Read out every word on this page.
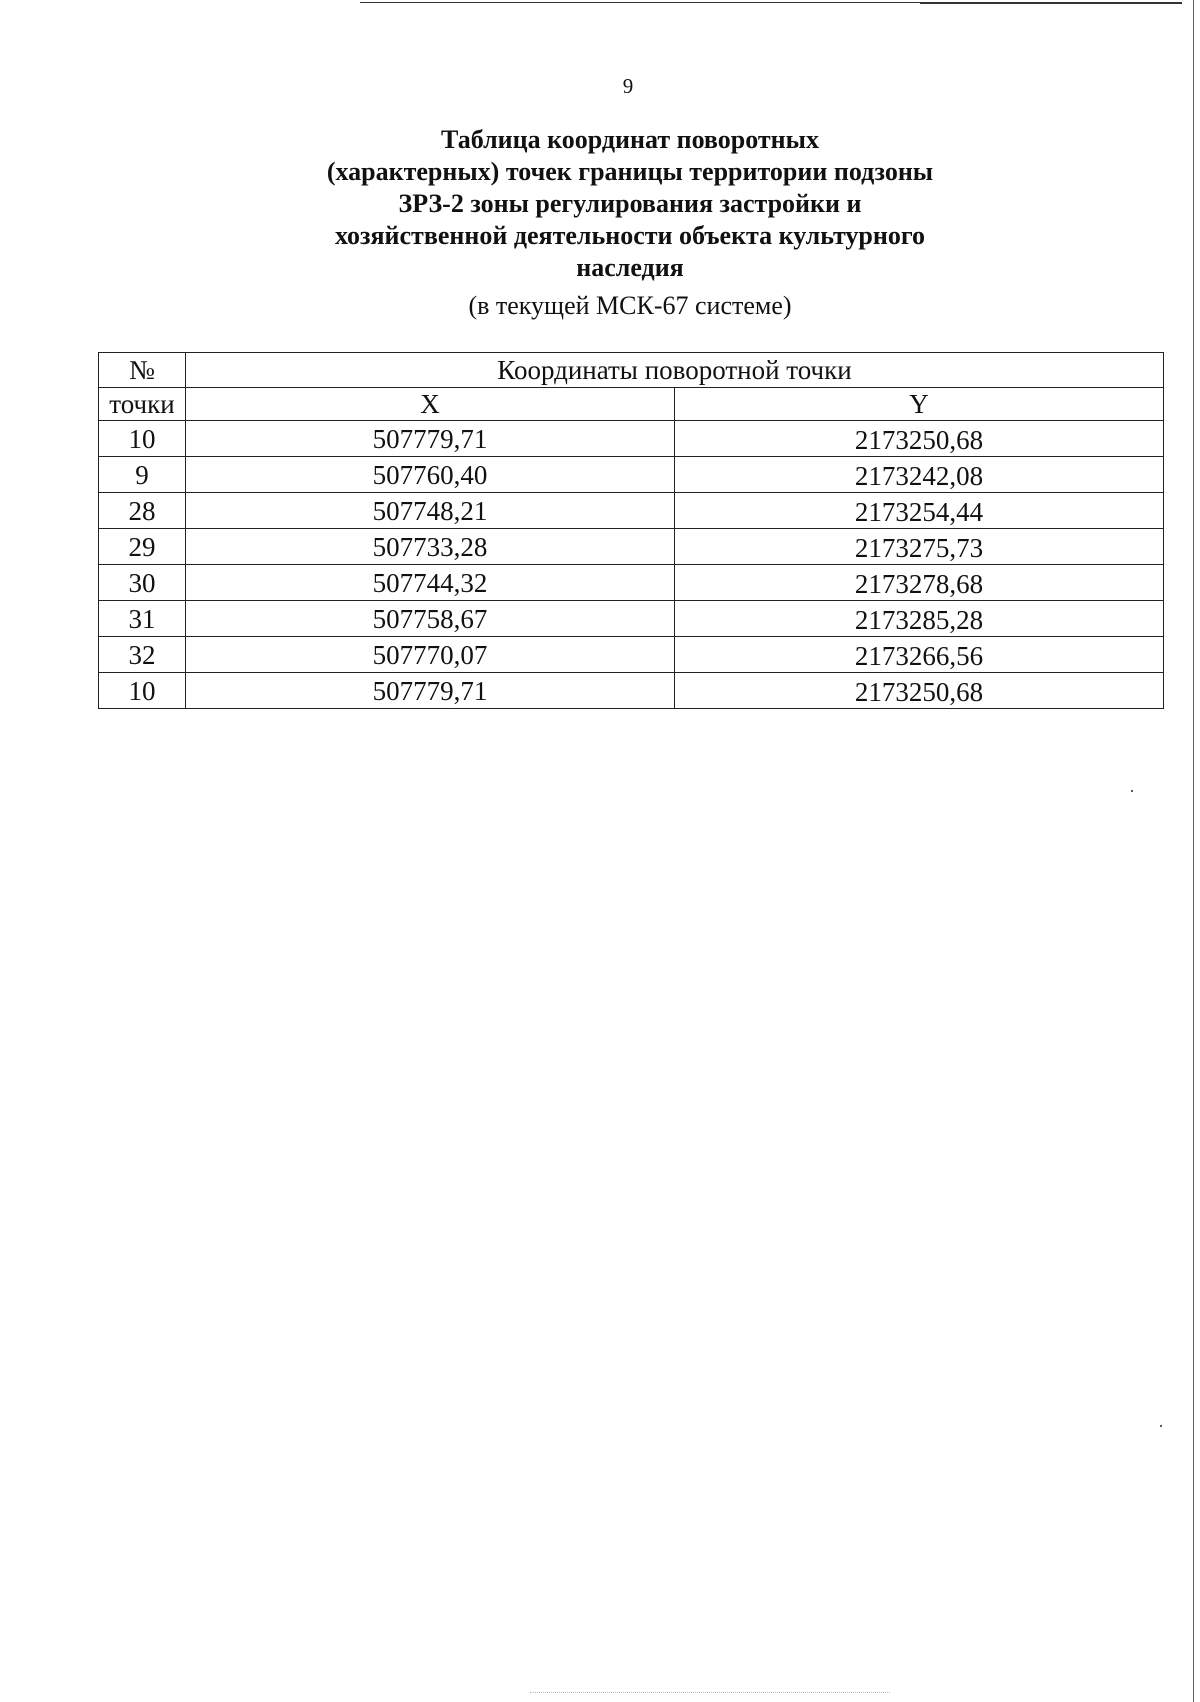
9
Таблица координат поворотных
(характерных) точек границы территории подзоны
ЗРЗ-2 зоны регулирования застройки и
хозяйственной деятельности объекта культурного
наследия
(в текущей МСК-67 системе)
№	Координаты поворотной точки	
точки	X	Y
10	507779,71	2173250,68
9	507760,40	2173242,08
28	507748,21	2173254,44
29	507733,28	2173275,73
30	507744,32	2173278,68
31	507758,67	2173285,28
32	507770,07	2173266,56
10	507779,71	2173250,68
